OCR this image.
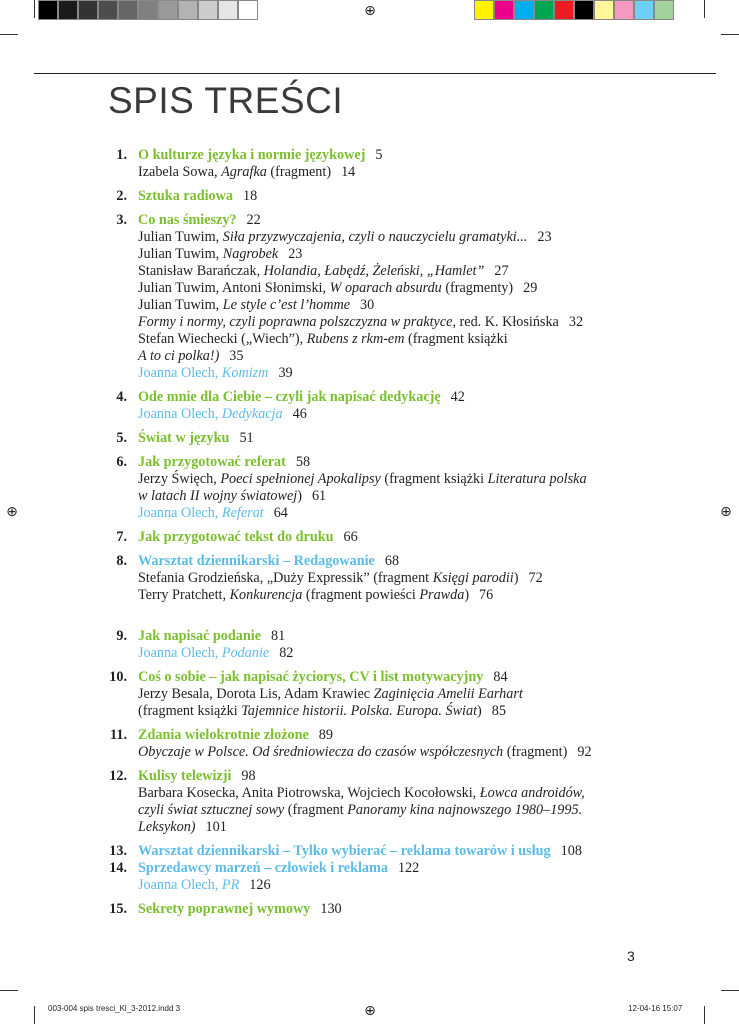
⊕
⊕	⊕
⊕
SPIS TREŚCI
1. O kulturze języka i normie językowej 5
Izabela Sowa, Agrafka (fragment) 14
2. Sztuka radiowa 18
3. Co nas śmieszy? 22
Julian Tuwim, Siła przyzwyczajenia, czyli o nauczycielu gramatyki... 23
Julian Tuwim, Nagrobek 23
Stanisław Barańczak, Holandia, Łabędź, Żeleński, „Hamlet” 27
Julian Tuwim, Antoni Słonimski, W oparach absurdu (fragmenty) 29
Julian Tuwim, Le style c’est l’homme 30
Formy i normy, czyli poprawna polszczyzna w praktyce, red. K. Kłosińska 32
Stefan Wiechecki („Wiech”), Rubens z rkm-em (fragment książki
A to ci polka!) 35
Joanna Olech, Komizm 39
4. Ode mnie dla Ciebie – czyli jak napisać dedykację 42
Joanna Olech, Dedykacja 46
5. Świat w języku 51
6. Jak przygotować referat 58
Jerzy Święch, Poeci spełnionej Apokalipsy (fragment książki Literatura polska
w latach II wojny światowej) 61
Joanna Olech, Referat 64
7. Jak przygotować tekst do druku 66
8. Warsztat dziennikarski – Redagowanie 68
Stefania Grodzieńska, „Duży Expressik” (fragment Księgi parodii) 72
Terry Pratchett, Konkurencja (fragment powieści Prawda) 76
9. Jak napisać podanie 81
Joanna Olech, Podanie 82
10. Coś o sobie – jak napisać życiorys, CV i list motywacyjny 84
Jerzy Besala, Dorota Lis, Adam Krawiec Zaginięcia Amelii Earhart
(fragment książki Tajemnice historii. Polska. Europa. Świat) 85
11. Zdania wielokrotnie złożone 89
Obyczaje w Polsce. Od średniowiecza do czasów współczesnych (fragment) 92
12. Kulisy telewizji 98
Barbara Kosecka, Anita Piotrowska, Wojciech Kocołowski, Łowca androidów,
czyli świat sztucznej sowy (fragment Panoramy kina najnowszego 1980–1995.
Leksykon) 101
13. Warsztat dziennikarski – Tylko wybierać – reklama towarów i usług 108
14. Sprzedawcy marzeń – człowiek i reklama 122
Joanna Olech, PR 126
15. Sekrety poprawnej wymowy 130
3
003-004 spis tresci_Kl_3-2012.indd 3	12-04-16 15:07
